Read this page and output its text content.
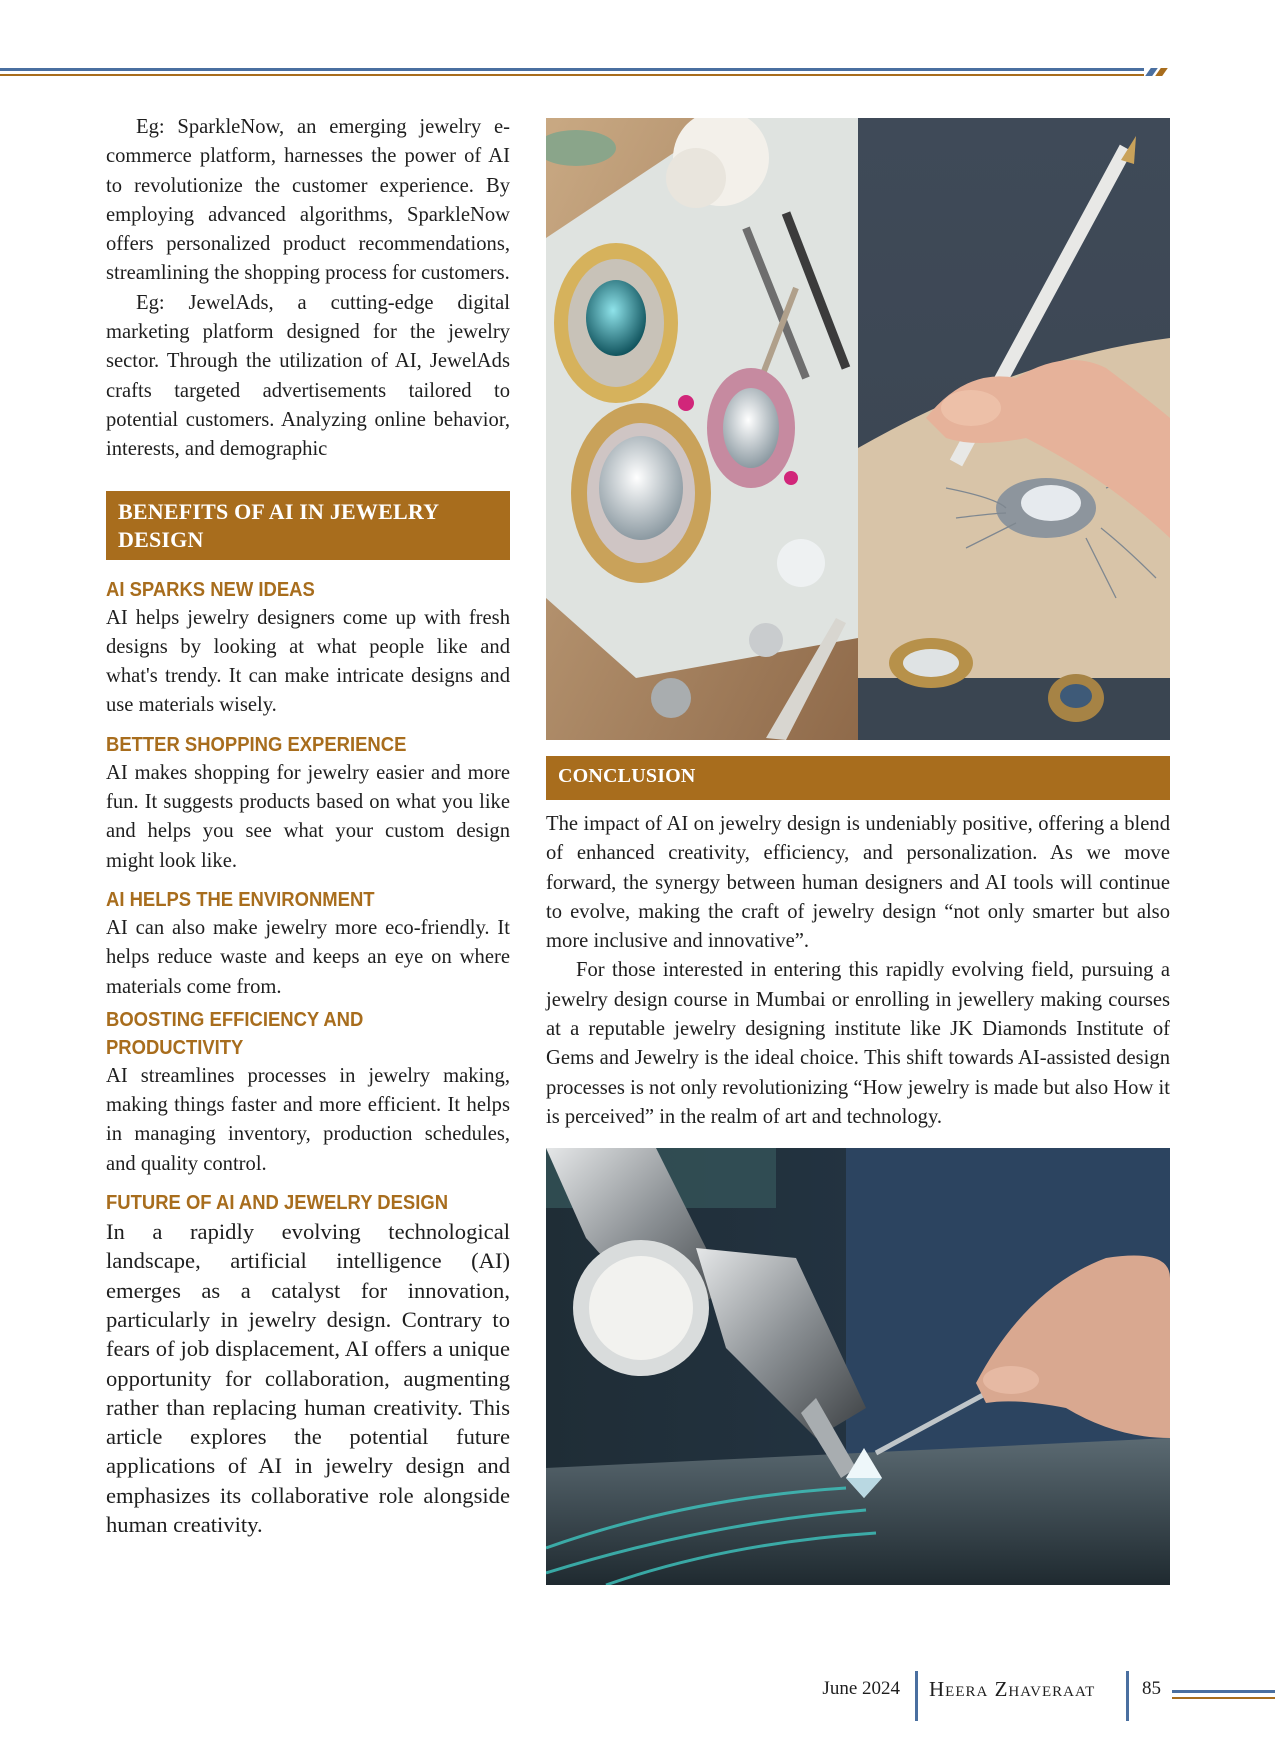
Eg: SparkleNow, an emerging jewelry e-commerce platform, harnesses the power of AI to revolutionize the customer experience. By employing advanced algorithms, SparkleNow offers personalized product recommendations, streamlining the shopping process for customers.

Eg: JewelAds, a cutting-edge digital marketing platform designed for the jewelry sector. Through the utilization of AI, JewelAds crafts targeted advertisements tailored to potential customers. Analyzing online behavior, interests, and demographic

BENEFITS OF AI IN JEWELRY DESIGN
AI SPARKS NEW IDEAS

AI helps jewelry designers come up with fresh designs by looking at what people like and what's trendy. It can make intricate designs and use materials wisely.

BETTER SHOPPING EXPERIENCE

AI makes shopping for jewelry easier and more fun. It suggests products based on what you like and helps you see what your custom design might look like.

AI HELPS THE ENVIRONMENT

AI can also make jewelry more eco-friendly. It helps reduce waste and keeps an eye on where materials come from.

BOOSTING EFFICIENCY AND PRODUCTIVITY

AI streamlines processes in jewelry making, making things faster and more efficient. It helps in managing inventory, production schedules, and quality control.

FUTURE OF AI AND JEWELRY DESIGN

In a rapidly evolving technological landscape, artificial intelligence (AI) emerges as a catalyst for innovation, particularly in jewelry design. Contrary to fears of job displacement, AI offers a unique opportunity for collaboration, augmenting rather than replacing human creativity. This article explores the potential future applications of AI in jewelry design and emphasizes its collaborative role alongside human creativity.

CONCLUSION

The impact of AI on jewelry design is undeniably positive, offering a blend of enhanced creativity, efficiency, and personalization. As we move forward, the synergy between human designers and AI tools will continue to evolve, making the craft of jewelry design “not only smarter but also more inclusive and innovative”.

For those interested in entering this rapidly evolving field, pursuing a jewelry design course in Mumbai or enrolling in jewellery making courses at a reputable jewelry designing institute like JK Diamonds Institute of Gems and Jewelry is the ideal choice. This shift towards AI-assisted design processes is not only revolutionizing “How jewelry is made but also How it is perceived” in the realm of art and technology.

June 2024 Heera Zhaveraat 85
